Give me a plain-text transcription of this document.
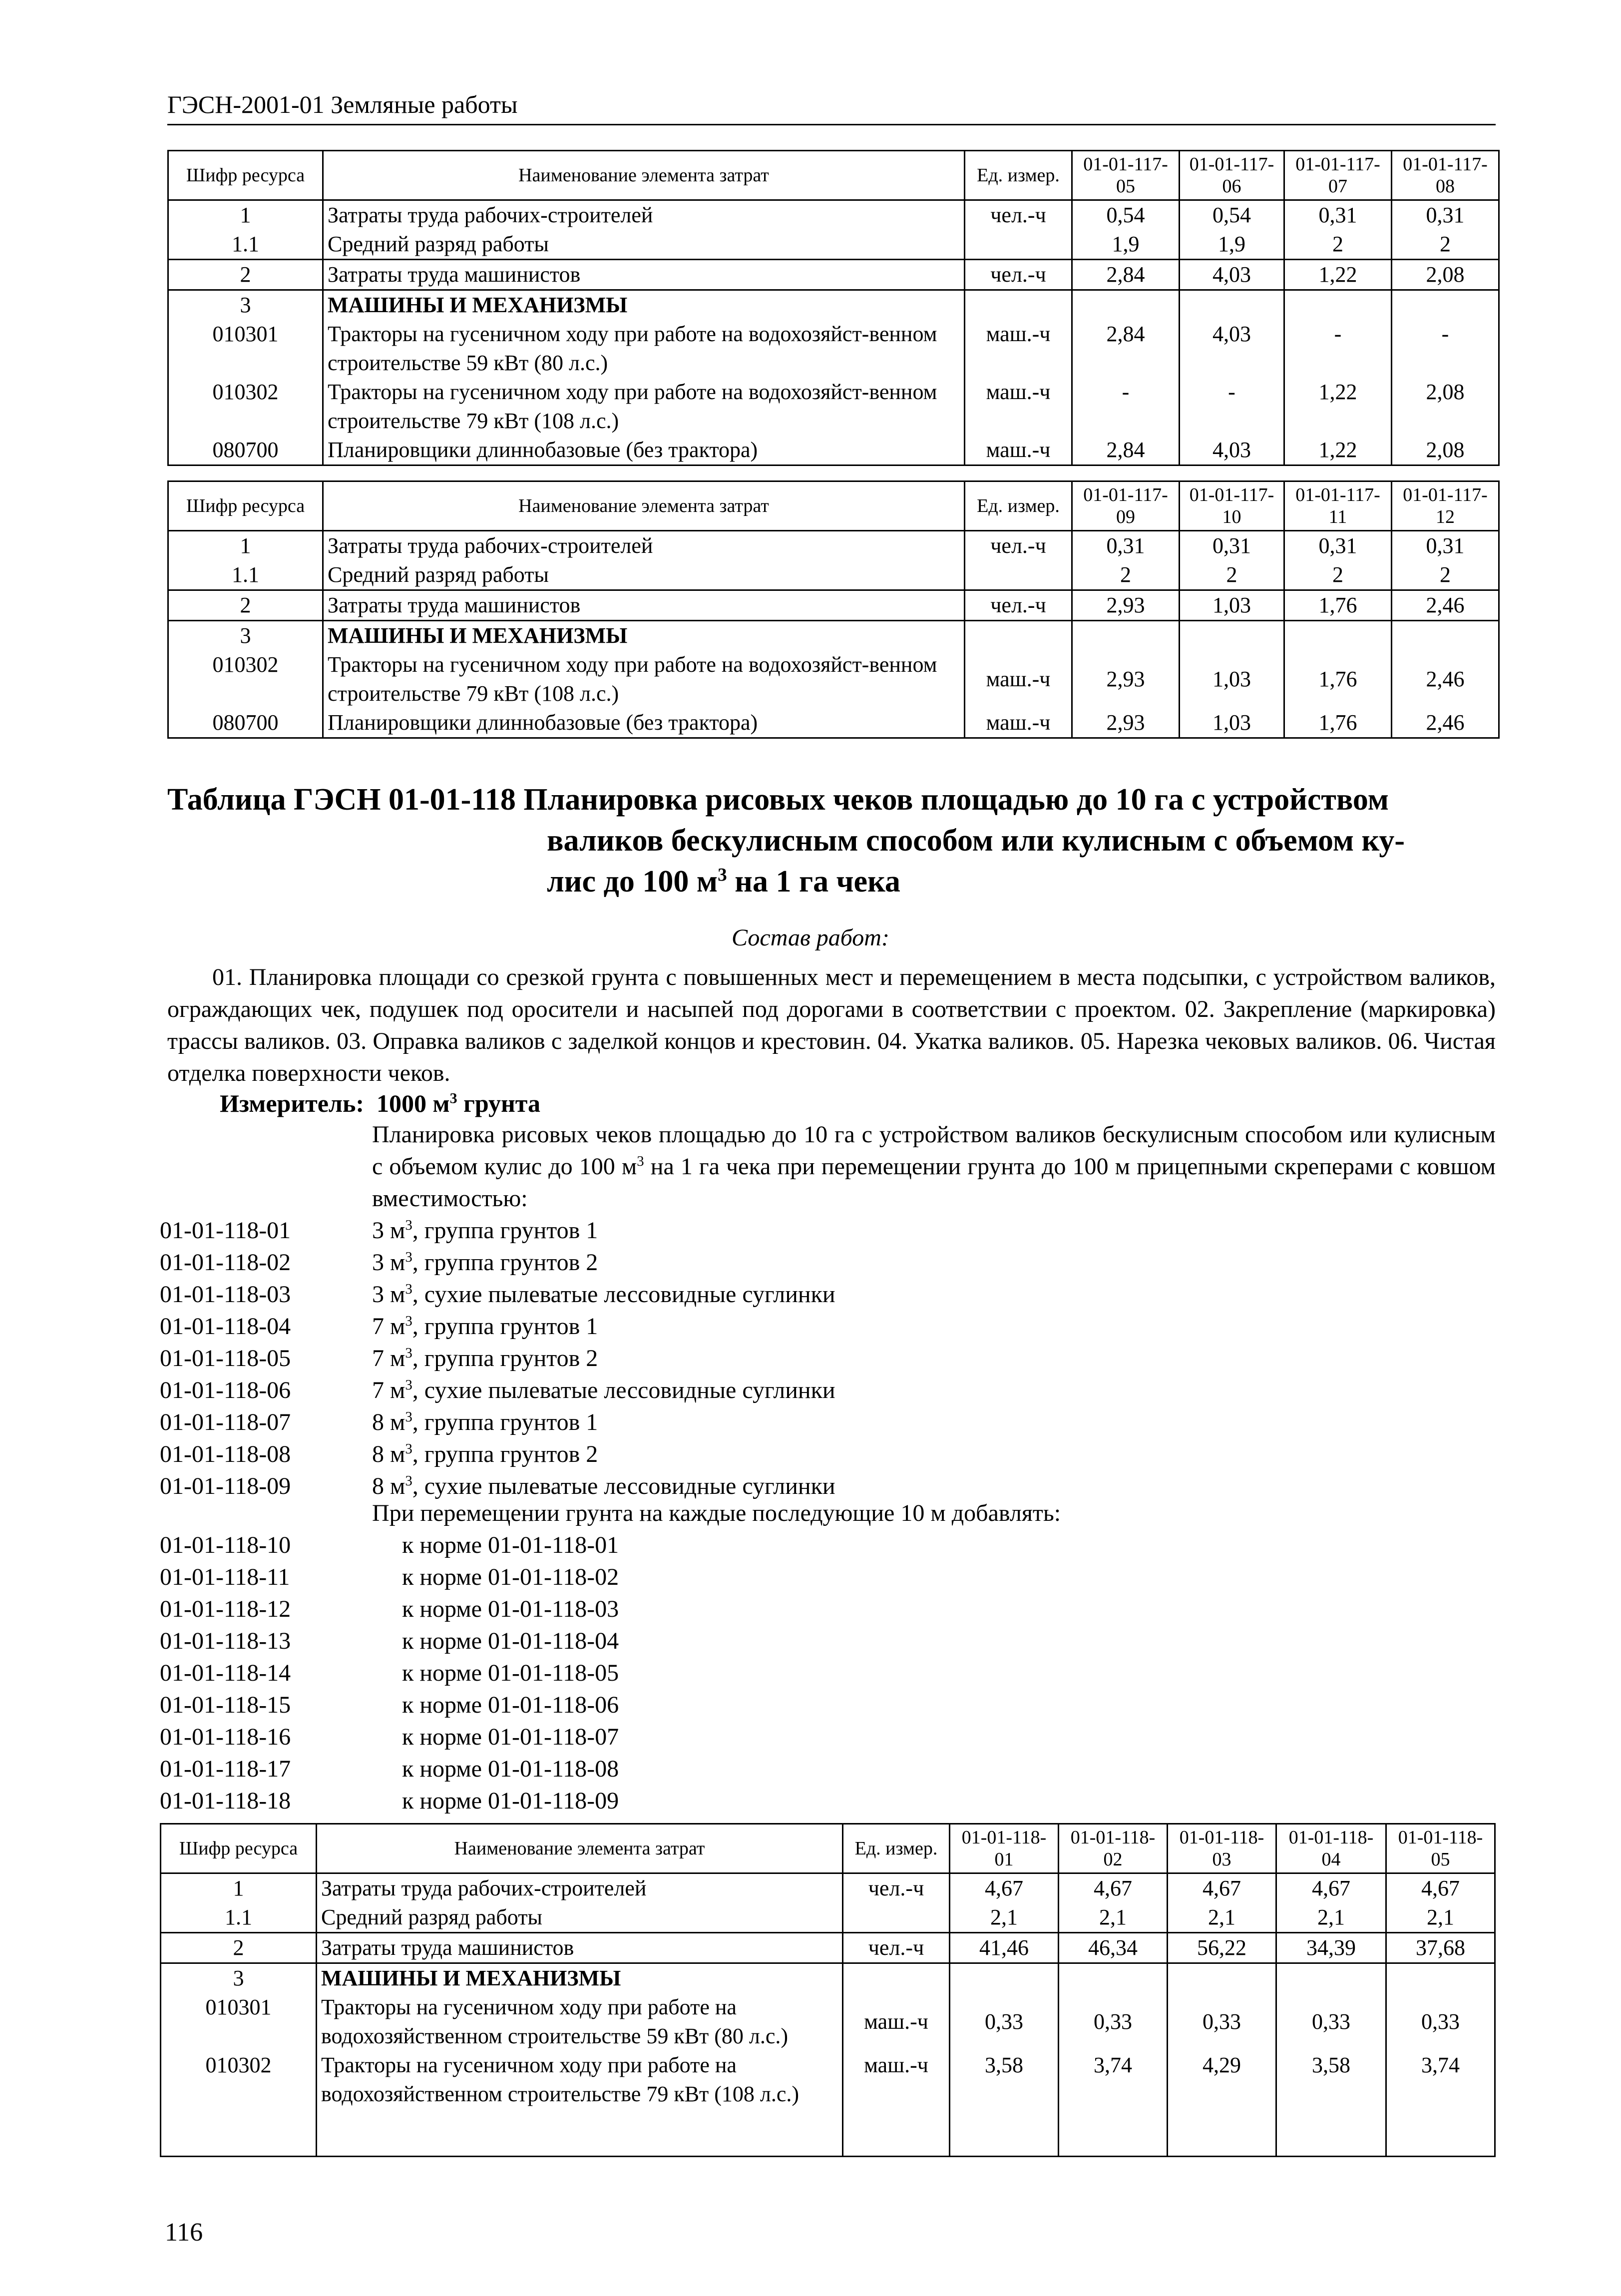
ГЭСН-2001-01 Земляные работы
Шифр ресурса	Наименование элемента затрат	Ед. измер.	01-01-117-05	01-01-117-06	01-01-117-07	01-01-117-08
1	Затраты труда рабочих-строителей	чел.-ч	0,54	0,54	0,31	0,31
1.1	Средний разряд работы		1,9	1,9	2	2
2	Затраты труда машинистов	чел.-ч	2,84	4,03	1,22	2,08
3	МАШИНЫ И МЕХАНИЗМЫ					
010301	Тракторы на гусеничном ходу при работе на водохозяйст-венном строительстве 59 кВт (80 л.с.)	маш.-ч	2,84	4,03	-	-
010302	Тракторы на гусеничном ходу при работе на водохозяйст-венном строительстве 79 кВт (108 л.с.)	маш.-ч	-	-	1,22	2,08
080700	Планировщики длиннобазовые (без трактора)	маш.-ч	2,84	4,03	1,22	2,08
Шифр ресурса	Наименование элемента затрат	Ед. измер.	01-01-117-09	01-01-117-10	01-01-117-11	01-01-117-12
1	Затраты труда рабочих-строителей	чел.-ч	0,31	0,31	0,31	0,31
1.1	Средний разряд работы		2	2	2	2
2	Затраты труда машинистов	чел.-ч	2,93	1,03	1,76	2,46
3	МАШИНЫ И МЕХАНИЗМЫ					
010302	Тракторы на гусеничном ходу при работе на водохозяйст-венном строительстве 79 кВт (108 л.с.)	маш.-ч	2,93	1,03	1,76	2,46
080700	Планировщики длиннобазовые (без трактора)	маш.-ч	2,93	1,03	1,76	2,46
Таблица ГЭСН 01-01-118 Планировка рисовых чеков площадью до 10 га с устройством
валиков бескулисным способом или кулисным с объемом ку-
лис до 100 $м^3$ на 1 га чека
Состав работ:
01. Планировка площади со срезкой грунта с повышенных мест и перемещением в места подсыпки, с устройством валиков, ограждающих чек, подушек под оросители и насыпей под дорогами в соответствии с проектом. 02. Закрепление (маркировка) трассы валиков. 03. Оправка валиков с заделкой концов и крестовин. 04. Укатка валиков. 05. Нарезка чековых валиков. 06. Чистая отделка поверхности чеков.
Измеритель: 1000 $м^3$ грунта
Планировка рисовых чеков площадью до 10 га с устройством валиков бескулисным способом или кулисным с объемом кулис до 100 $м^3$ на 1 га чека при перемещении грунта до 100 м прицепными скреперами с ковшом вместимостью:
01-01-118-01	3 $м^3$, группа грунтов 1
01-01-118-02	3 $м^3$, группа грунтов 2
01-01-118-03	3 $м^3$, сухие пылеватые лессовидные суглинки
01-01-118-04	7 $м^3$, группа грунтов 1
01-01-118-05	7 $м^3$, группа грунтов 2
01-01-118-06	7 $м^3$, сухие пылеватые лессовидные суглинки
01-01-118-07	8 $м^3$, группа грунтов 1
01-01-118-08	8 $м^3$, группа грунтов 2
01-01-118-09	8 $м^3$, сухие пылеватые лессовидные суглинки
При перемещении грунта на каждые последующие 10 м добавлять:
01-01-118-10	к норме 01-01-118-01
01-01-118-11	к норме 01-01-118-02
01-01-118-12	к норме 01-01-118-03
01-01-118-13	к норме 01-01-118-04
01-01-118-14	к норме 01-01-118-05
01-01-118-15	к норме 01-01-118-06
01-01-118-16	к норме 01-01-118-07
01-01-118-17	к норме 01-01-118-08
01-01-118-18	к норме 01-01-118-09
Шифр ресурса	Наименование элемента затрат	Ед. измер.	01-01-118-01	01-01-118-02	01-01-118-03	01-01-118-04	01-01-118-05
1	Затраты труда рабочих-строителей	чел.-ч	4,67	4,67	4,67	4,67	4,67
1.1	Средний разряд работы		2,1	2,1	2,1	2,1	2,1
2	Затраты труда машинистов	чел.-ч	41,46	46,34	56,22	34,39	37,68
3	МАШИНЫ И МЕХАНИЗМЫ						
010301	Тракторы на гусеничном ходу при работе на водохозяйственном строительстве 59 кВт (80 л.с.)	маш.-ч	0,33	0,33	0,33	0,33	0,33
010302	Тракторы на гусеничном ходу при работе на водохозяйственном строительстве 79 кВт (108 л.с.)	маш.-ч	3,58	3,74	4,29	3,58	3,74
116
